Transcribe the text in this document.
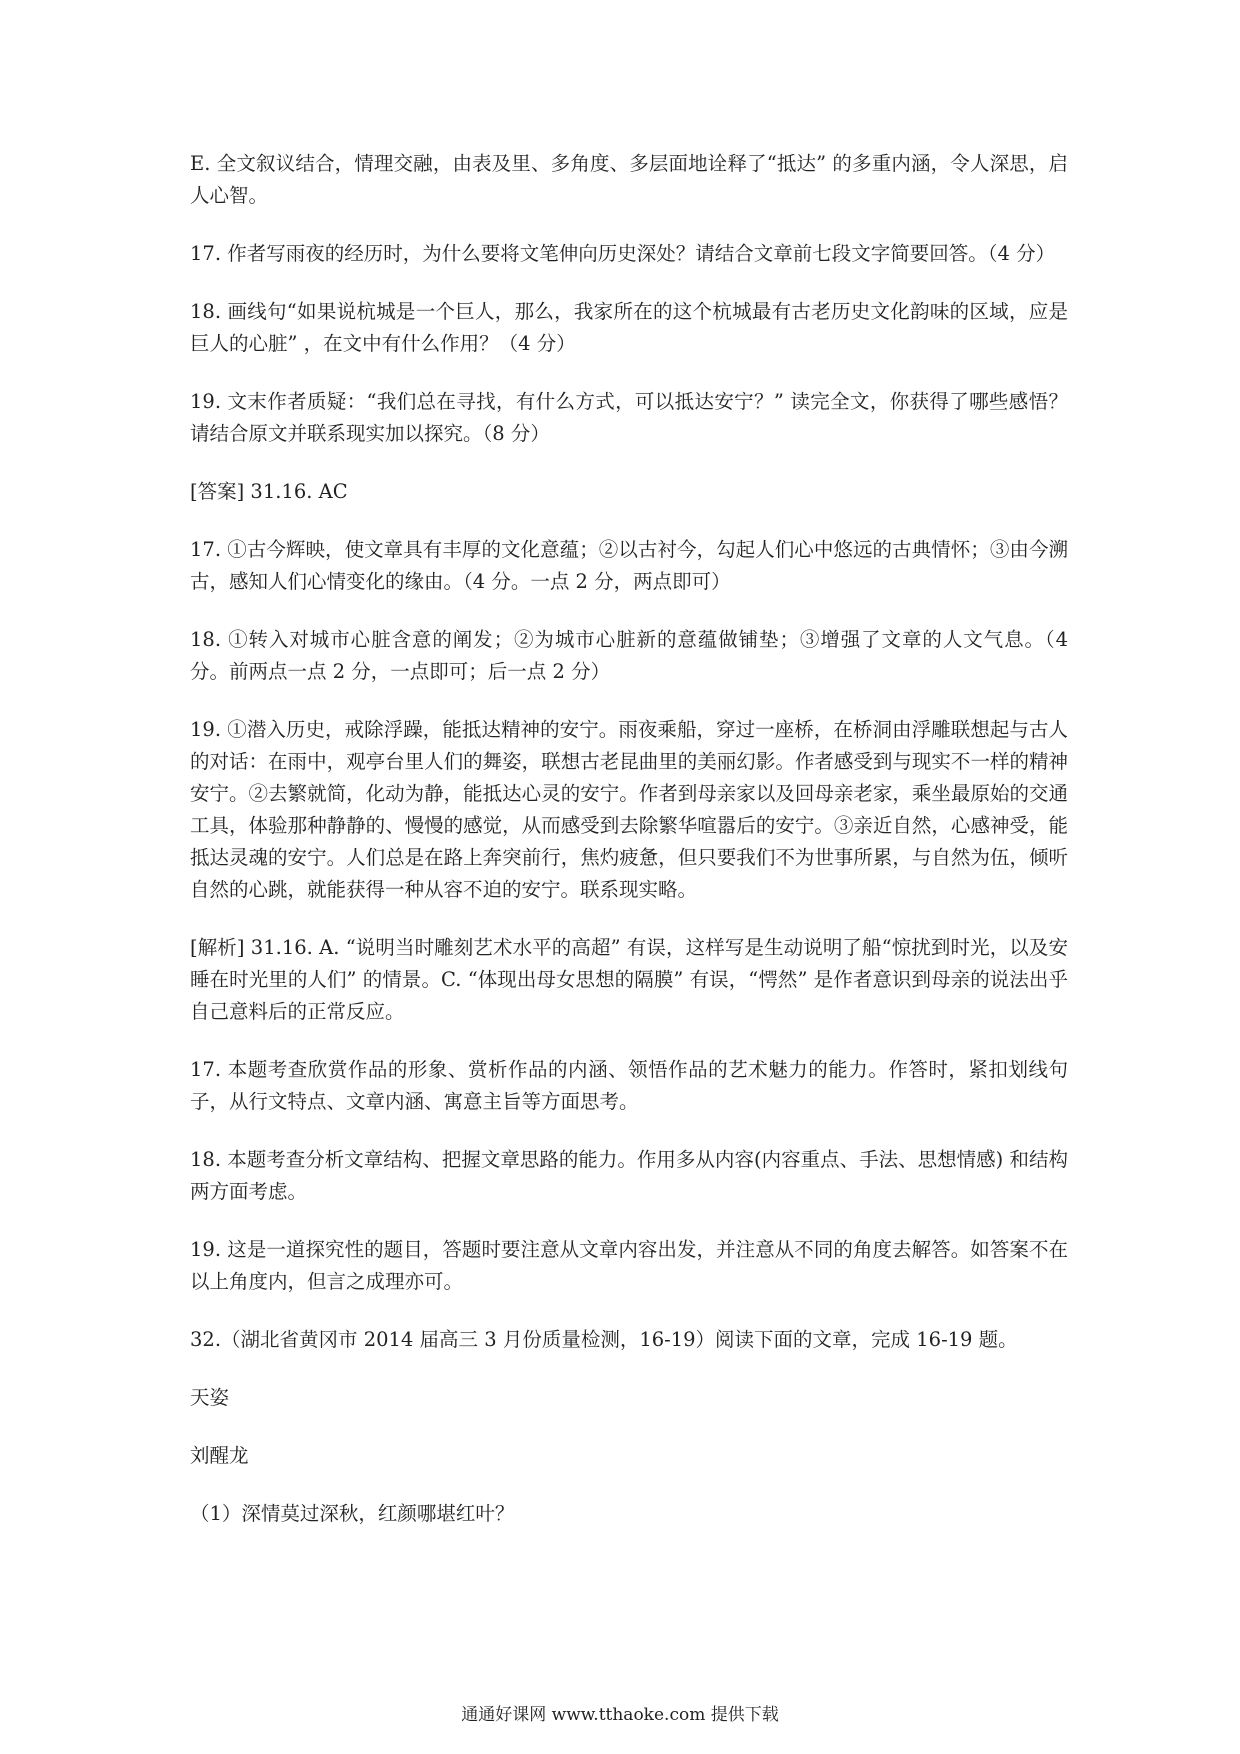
E. 全文叙议结合，情理交融，由表及里、多角度、多层面地诠释了“抵达” 的多重内涵，令人深思，启人心智。

17. 作者写雨夜的经历时，为什么要将文笔伸向历史深处？请结合文章前七段文字简要回答。（4 分）

18. 画线句“如果说杭城是一个巨人，那么，我家所在的这个杭城最有古老历史文化韵味的区域，应是巨人的心脏” ，在文中有什么作用？（4 分）

19. 文末作者质疑：“我们总在寻找，有什么方式，可以抵达安宁？” 读完全文，你获得了哪些感悟？请结合原文并联系现实加以探究。（8 分）

[答案] 31.16. AC

17. ①古今辉映，使文章具有丰厚的文化意蕴；②以古衬今，勾起人们心中悠远的古典情怀；③由今溯古，感知人们心情变化的缘由。（4 分。一点 2 分，两点即可）

18. ①转入对城市心脏含意的阐发；②为城市心脏新的意蕴做铺垫；③增强了文章的人文气息。（4 分。前两点一点 2 分，一点即可；后一点 2 分）

19. ①潜入历史，戒除浮躁，能抵达精神的安宁。雨夜乘船，穿过一座桥，在桥洞由浮雕联想起与古人的对话：在雨中，观亭台里人们的舞姿，联想古老昆曲里的美丽幻影。作者感受到与现实不一样的精神安宁。②去繁就简，化动为静，能抵达心灵的安宁。作者到母亲家以及回母亲老家，乘坐最原始的交通工具，体验那种静静的、慢慢的感觉，从而感受到去除繁华喧嚣后的安宁。③亲近自然，心感神受，能抵达灵魂的安宁。人们总是在路上奔突前行，焦灼疲惫，但只要我们不为世事所累，与自然为伍，倾听自然的心跳，就能获得一种从容不迫的安宁。联系现实略。

[解析] 31.16. A. “说明当时雕刻艺术水平的高超” 有误，这样写是生动说明了船“惊扰到时光，以及安睡在时光里的人们” 的情景。C. “体现出母女思想的隔膜” 有误，“愕然” 是作者意识到母亲的说法出乎自己意料后的正常反应。

17. 本题考查欣赏作品的形象、赏析作品的内涵、领悟作品的艺术魅力的能力。作答时，紧扣划线句子，从行文特点、文章内涵、寓意主旨等方面思考。

18. 本题考查分析文章结构、把握文章思路的能力。作用多从内容(内容重点、手法、思想情感) 和结构两方面考虑。

19. 这是一道探究性的题目，答题时要注意从文章内容出发，并注意从不同的角度去解答。如答案不在以上角度内，但言之成理亦可。

32.（湖北省黄冈市 2014 届高三 3 月份质量检测，16-19）阅读下面的文章，完成 16-19 题。

天姿

刘醒龙

（1）深情莫过深秋，红颜哪堪红叶？

通通好课网 www.tthaoke.com 提供下载
